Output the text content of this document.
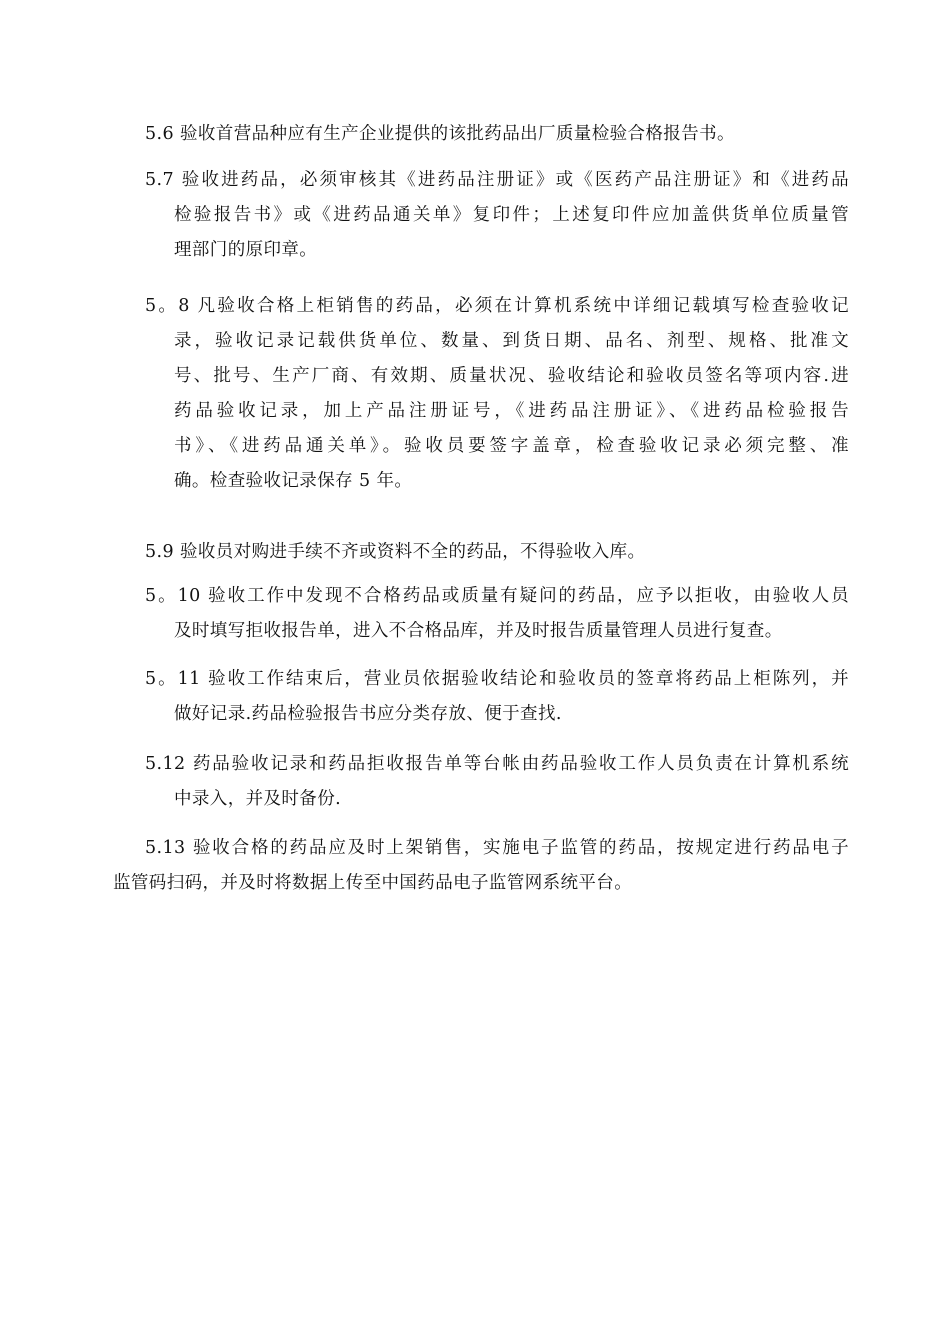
5.6 验收首营品种应有生产企业提供的该批药品出厂质量检验合格报告书。
5.7 验收进药品，必须审核其《进药品注册证》或《医药产品注册证》和《进药品
检验报告书》或《进药品通关单》复印件；上述复印件应加盖供货单位质量管
理部门的原印章。
5。8 凡验收合格上柜销售的药品，必须在计算机系统中详细记载填写检查验收记
录，验收记录记载供货单位、数量、到货日期、品名、剂型、规格、批准文
号、批号、生产厂商、有效期、质量状况、验收结论和验收员签名等项内容.进
药品验收记录，加上产品注册证号，《进药品注册证》、《进药品检验报告
书》、《进药品通关单》。验收员要签字盖章，检查验收记录必须完整、准
确。检查验收记录保存 5 年。
5.9 验收员对购进手续不齐或资料不全的药品，不得验收入库。
5。10 验收工作中发现不合格药品或质量有疑问的药品，应予以拒收，由验收人员
及时填写拒收报告单，进入不合格品库，并及时报告质量管理人员进行复查。
5。11 验收工作结束后，营业员依据验收结论和验收员的签章将药品上柜陈列，并
做好记录.药品检验报告书应分类存放、便于查找.
5.12 药品验收记录和药品拒收报告单等台帐由药品验收工作人员负责在计算机系统
中录入，并及时备份.
5.13 验收合格的药品应及时上架销售，实施电子监管的药品，按规定进行药品电子
监管码扫码，并及时将数据上传至中国药品电子监管网系统平台。
